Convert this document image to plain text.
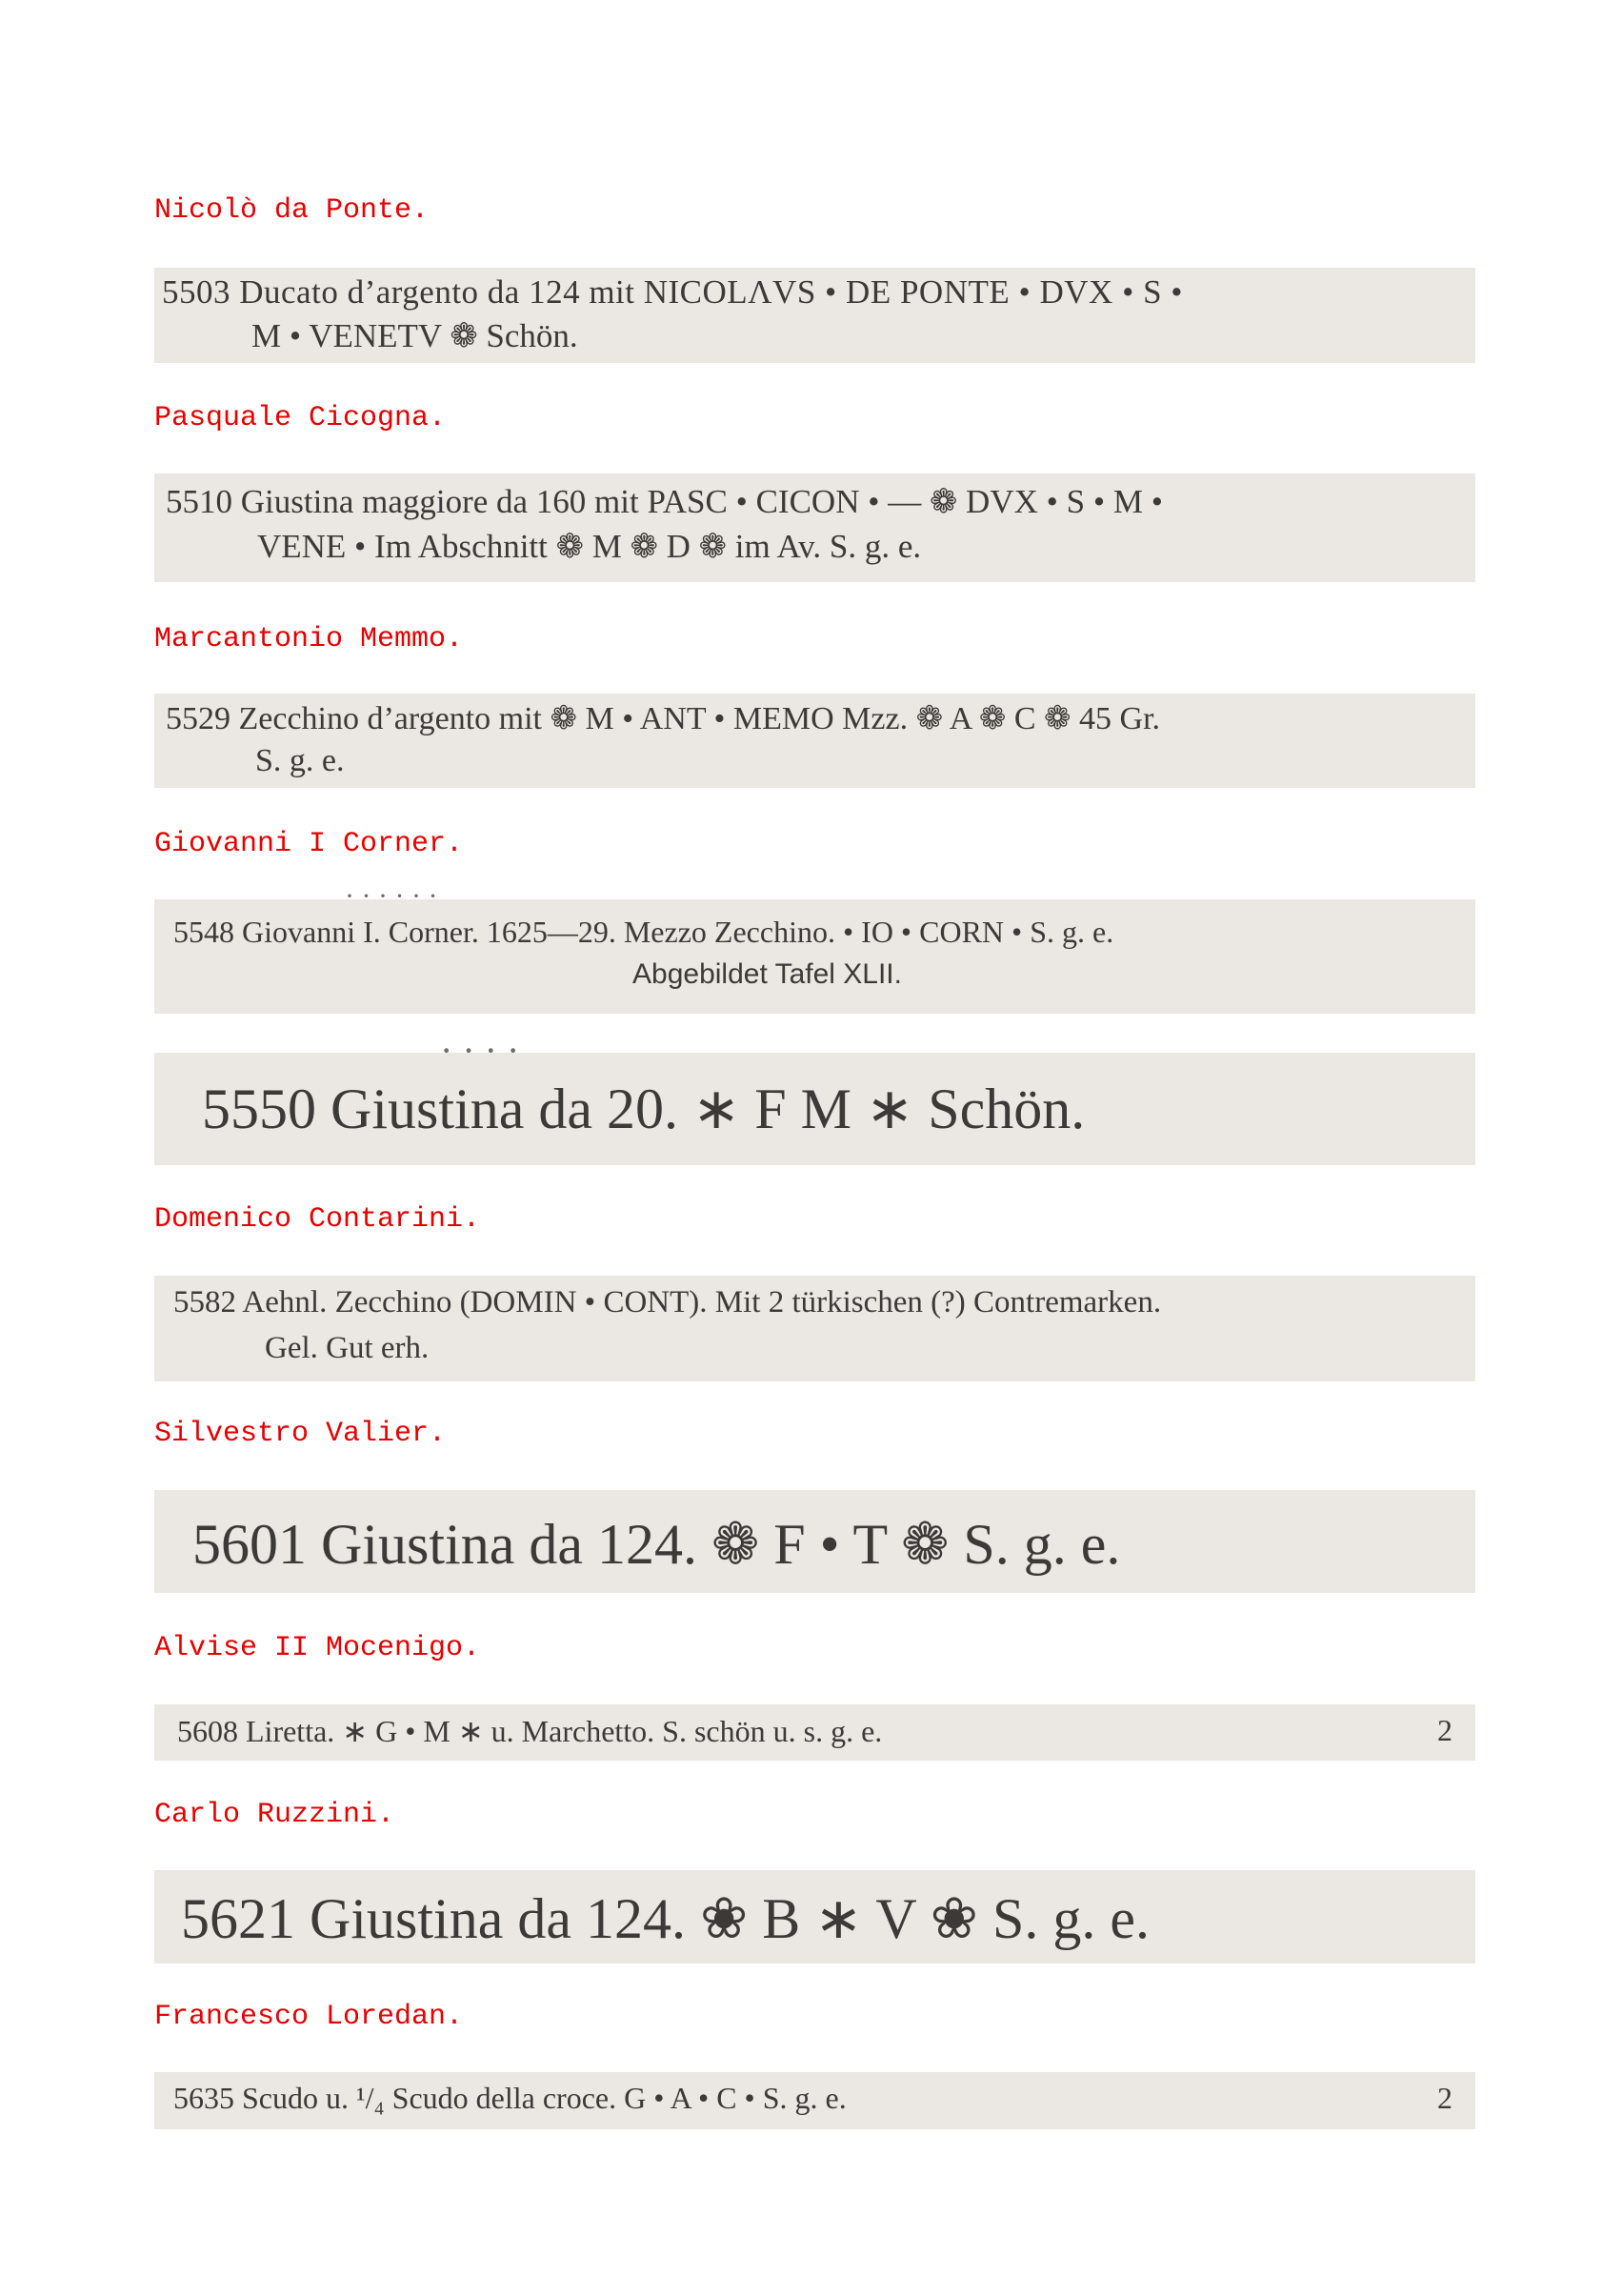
Nicolò da Ponte.
5503 Ducato d’argento da 124 mit NICOLΛVS • DE PONTE • DVX • S •
M • VENETV ❁ Schön.
Pasquale Cicogna.
5510 Giustina maggiore da 160 mit PASC • CICON • — ❁ DVX • S • M •
VENE • Im Abschnitt ❁ M ❁ D ❁ im Av. S. g. e.
Marcantonio Memmo.
5529 Zecchino d’argento mit ❁ M • ANT • MEMO Mzz. ❁ A ❁ C ❁ 45 Gr.
S. g. e.
Giovanni I Corner.
· · · · · ·
5548 Giovanni I. Corner. 1625—29. Mezzo Zecchino. • IO • CORN • S. g. e.
Abgebildet Tafel XLII.
· · · ·
5550 Giustina da 20. ∗ F M ∗ Schön.
Domenico Contarini.
5582 Aehnl. Zecchino (DOMIN • CONT). Mit 2 türkischen (?) Contremarken.
Gel. Gut erh.
Silvestro Valier.
5601 Giustina da 124. ❁ F • T ❁ S. g. e.
Alvise II Mocenigo.
5608 Liretta. ∗ G • M ∗ u. Marchetto. S. schön u. s. g. e.	2
Carlo Ruzzini.
5621 Giustina da 124. ❀ B ∗ V ❀ S. g. e.
Francesco Loredan.
5635 Scudo u. ¹/₄ Scudo della croce. G • A • C • S. g. e.	2
